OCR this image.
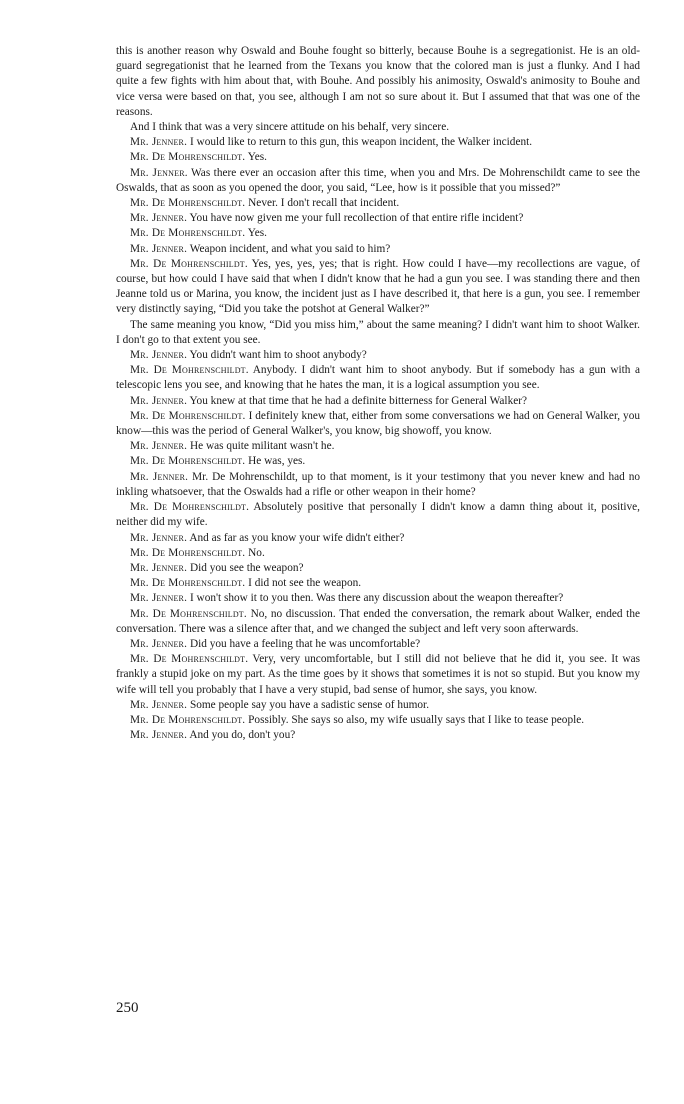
this is another reason why Oswald and Bouhe fought so bitterly, because Bouhe is a segregationist. He is an old-guard segregationist that he learned from the Texans you know that the colored man is just a flunky. And I had quite a few fights with him about that, with Bouhe. And possibly his animosity, Oswald's animosity to Bouhe and vice versa were based on that, you see, although I am not so sure about it. But I assumed that that was one of the reasons.

And I think that was a very sincere attitude on his behalf, very sincere.

Mr. Jenner. I would like to return to this gun, this weapon incident, the Walker incident.

Mr. De Mohrenschildt. Yes.

Mr. Jenner. Was there ever an occasion after this time, when you and Mrs. De Mohrenschildt came to see the Oswalds, that as soon as you opened the door, you said, “Lee, how is it possible that you missed?”

Mr. De Mohrenschildt. Never. I don't recall that incident.

Mr. Jenner. You have now given me your full recollection of that entire rifle incident?

Mr. De Mohrenschildt. Yes.

Mr. Jenner. Weapon incident, and what you said to him?

Mr. De Mohrenschildt. Yes, yes, yes, yes; that is right. How could I have—my recollections are vague, of course, but how could I have said that when I didn't know that he had a gun you see. I was standing there and then Jeanne told us or Marina, you know, the incident just as I have described it, that here is a gun, you see. I remember very distinctly saying, “Did you take the potshot at General Walker?”

The same meaning you know, “Did you miss him,” about the same meaning? I didn't want him to shoot Walker. I don't go to that extent you see.

Mr. Jenner. You didn't want him to shoot anybody?

Mr. De Mohrenschildt. Anybody. I didn't want him to shoot anybody. But if somebody has a gun with a telescopic lens you see, and knowing that he hates the man, it is a logical assumption you see.

Mr. Jenner. You knew at that time that he had a definite bitterness for General Walker?

Mr. De Mohrenschildt. I definitely knew that, either from some conversations we had on General Walker, you know—this was the period of General Walker's, you know, big showoff, you know.

Mr. Jenner. He was quite militant wasn't he.

Mr. De Mohrenschildt. He was, yes.

Mr. Jenner. Mr. De Mohrenschildt, up to that moment, is it your testimony that you never knew and had no inkling whatsoever, that the Oswalds had a rifle or other weapon in their home?

Mr. De Mohrenschildt. Absolutely positive that personally I didn't know a damn thing about it, positive, neither did my wife.

Mr. Jenner. And as far as you know your wife didn't either?

Mr. De Mohrenschildt. No.

Mr. Jenner. Did you see the weapon?

Mr. De Mohrenschildt. I did not see the weapon.

Mr. Jenner. I won't show it to you then. Was there any discussion about the weapon thereafter?

Mr. De Mohrenschildt. No, no discussion. That ended the conversation, the remark about Walker, ended the conversation. There was a silence after that, and we changed the subject and left very soon afterwards.

Mr. Jenner. Did you have a feeling that he was uncomfortable?

Mr. De Mohrenschildt. Very, very uncomfortable, but I still did not believe that he did it, you see. It was frankly a stupid joke on my part. As the time goes by it shows that sometimes it is not so stupid. But you know my wife will tell you probably that I have a very stupid, bad sense of humor, she says, you know.

Mr. Jenner. Some people say you have a sadistic sense of humor.

Mr. De Mohrenschildt. Possibly. She says so also, my wife usually says that I like to tease people.

Mr. Jenner. And you do, don't you?

250
